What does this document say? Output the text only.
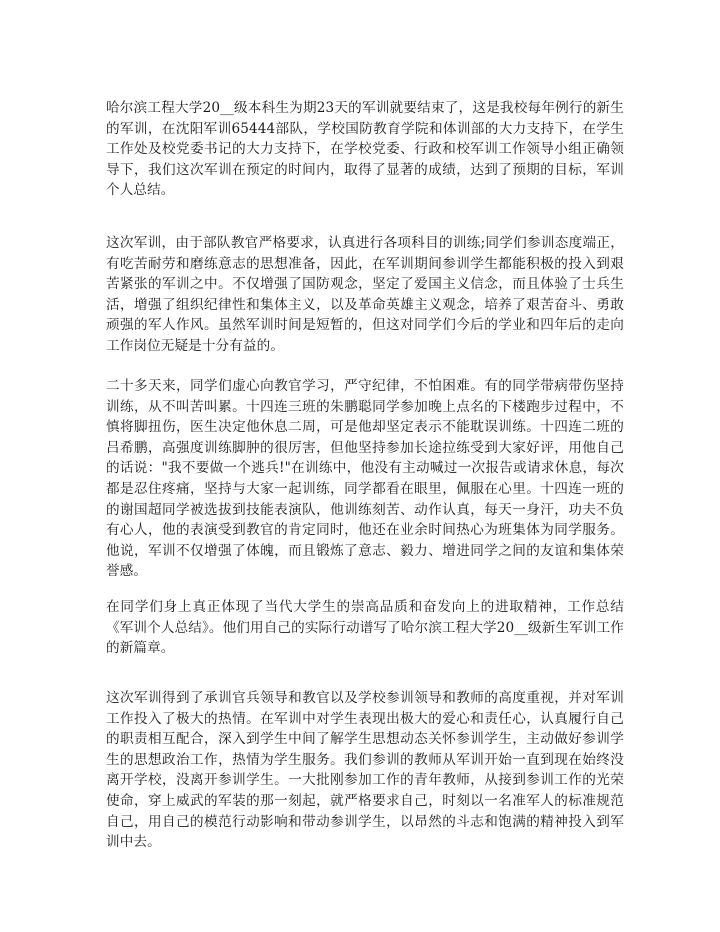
哈尔滨工程大学20__级本科生为期23天的军训就要结束了，这是我校每年例行的新生的军训，在沈阳军训65444部队，学校国防教育学院和体训部的大力支持下，在学生工作处及校党委书记的大力支持下，在学校党委、行政和校军训工作领导小组正确领导下，我们这次军训在预定的时间内，取得了显著的成绩，达到了预期的目标，军训个人总结。

这次军训，由于部队教官严格要求，认真进行各项科目的训练;同学们参训态度端正，有吃苦耐劳和磨练意志的思想准备，因此，在军训期间参训学生都能积极的投入到艰苦紧张的军训之中。不仅增强了国防观念，坚定了爱国主义信念，而且体验了士兵生活，增强了组织纪律性和集体主义，以及革命英雄主义观念，培养了艰苦奋斗、勇敢顽强的军人作风。虽然军训时间是短暂的，但这对同学们今后的学业和四年后的走向工作岗位无疑是十分有益的。

二十多天来，同学们虚心向教官学习，严守纪律，不怕困难。有的同学带病带伤坚持训练，从不叫苦叫累。十四连三班的朱鹏聪同学参加晚上点名的下楼跑步过程中，不慎将脚扭伤，医生决定他休息二周，可是他却坚定表示不能耽误训练。十四连二班的吕希鹏，高强度训练脚肿的很厉害，但他坚持参加长途拉练受到大家好评，用他自己的话说："我不要做一个逃兵!"在训练中，他没有主动喊过一次报告或请求休息，每次都是忍住疼痛，坚持与大家一起训练，同学都看在眼里，佩服在心里。十四连一班的的谢国超同学被选拔到技能表演队，他训练刻苦、动作认真，每天一身汗，功夫不负有心人，他的表演受到教官的肯定同时，他还在业余时间热心为班集体为同学服务。他说，军训不仅增强了体魄，而且锻炼了意志、毅力、增进同学之间的友谊和集体荣誉感。

在同学们身上真正体现了当代大学生的崇高品质和奋发向上的进取精神，工作总结《军训个人总结》。他们用自己的实际行动谱写了哈尔滨工程大学20__级新生军训工作的新篇章。

这次军训得到了承训官兵领导和教官以及学校参训领导和教师的高度重视，并对军训工作投入了极大的热情。在军训中对学生表现出极大的爱心和责任心，认真履行自己的职责相互配合，深入到学生中间了解学生思想动态关怀参训学生，主动做好参训学生的思想政治工作，热情为学生服务。我们参训的教师从军训开始一直到现在始终没离开学校，没离开参训学生。一大批刚参加工作的青年教师，从接到参训工作的光荣使命，穿上威武的军装的那一刻起，就严格要求自己，时刻以一名准军人的标准规范自己，用自己的模范行动影响和带动参训学生，以昂然的斗志和饱满的精神投入到军训中去。
